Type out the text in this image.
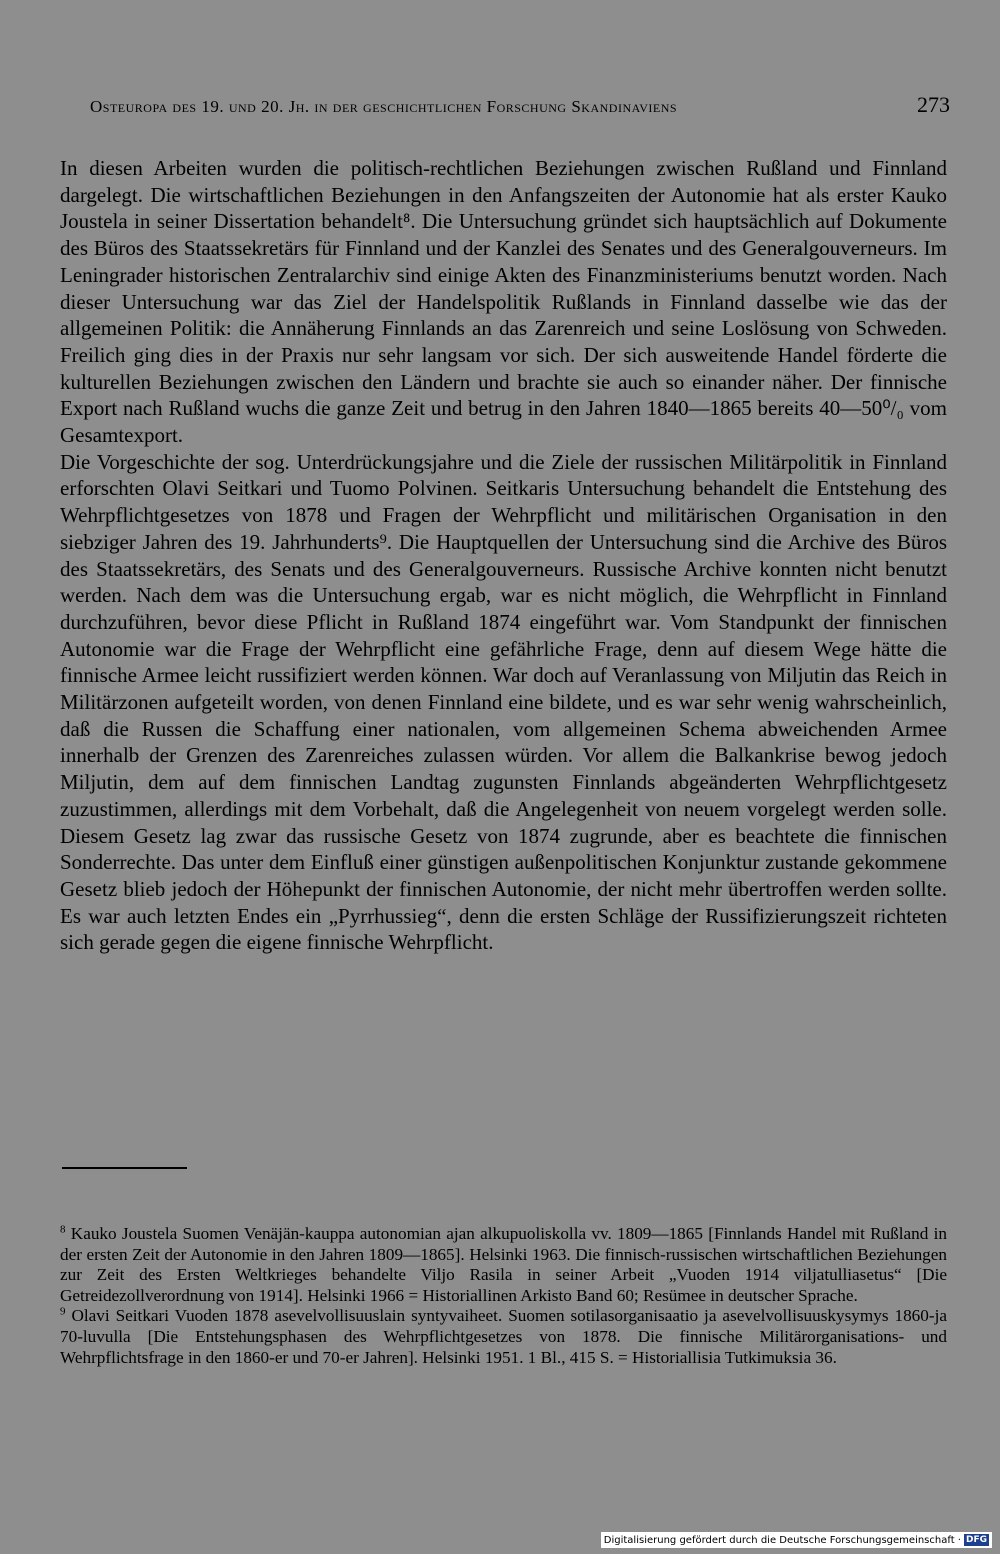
Osteuropa des 19. und 20. Jh. in der geschichtlichen Forschung Skandinaviens	273

In diesen Arbeiten wurden die politisch-rechtlichen Beziehungen zwischen Rußland und Finnland dargelegt. Die wirtschaftlichen Beziehungen in den Anfangszeiten der Autonomie hat als erster Kauko Joustela in seiner Dissertation behandelt⁸. Die Untersuchung gründet sich hauptsächlich auf Dokumente des Büros des Staatssekretärs für Finnland und der Kanzlei des Senates und des Generalgouverneurs. Im Leningrader historischen Zentralarchiv sind einige Akten des Finanzministeriums benutzt worden. Nach dieser Untersuchung war das Ziel der Handelspolitik Rußlands in Finnland dasselbe wie das der allgemeinen Politik: die Annäherung Finnlands an das Zarenreich und seine Loslösung von Schweden. Freilich ging dies in der Praxis nur sehr langsam vor sich. Der sich ausweitende Handel förderte die kulturellen Beziehungen zwischen den Ländern und brachte sie auch so einander näher. Der finnische Export nach Rußland wuchs die ganze Zeit und betrug in den Jahren 1840—1865 bereits 40—50⁰/₀ vom Gesamtexport.

Die Vorgeschichte der sog. Unterdrückungsjahre und die Ziele der russischen Militärpolitik in Finnland erforschten Olavi Seitkari und Tuomo Polvinen. Seitkaris Untersuchung behandelt die Entstehung des Wehrpflichtgesetzes von 1878 und Fragen der Wehrpflicht und militärischen Organisation in den siebziger Jahren des 19. Jahrhunderts⁹. Die Hauptquellen der Untersuchung sind die Archive des Büros des Staatssekretärs, des Senats und des Generalgouverneurs. Russische Archive konnten nicht benutzt werden. Nach dem was die Untersuchung ergab, war es nicht möglich, die Wehrpflicht in Finnland durchzuführen, bevor diese Pflicht in Rußland 1874 eingeführt war. Vom Standpunkt der finnischen Autonomie war die Frage der Wehrpflicht eine gefährliche Frage, denn auf diesem Wege hätte die finnische Armee leicht russifiziert werden können. War doch auf Veranlassung von Miljutin das Reich in Militärzonen aufgeteilt worden, von denen Finnland eine bildete, und es war sehr wenig wahrscheinlich, daß die Russen die Schaffung einer nationalen, vom allgemeinen Schema abweichenden Armee innerhalb der Grenzen des Zarenreiches zulassen würden. Vor allem die Balkankrise bewog jedoch Miljutin, dem auf dem finnischen Landtag zugunsten Finnlands abgeänderten Wehrpflichtgesetz zuzustimmen, allerdings mit dem Vorbehalt, daß die Angelegenheit von neuem vorgelegt werden solle. Diesem Gesetz lag zwar das russische Gesetz von 1874 zugrunde, aber es beachtete die finnischen Sonderrechte. Das unter dem Einfluß einer günstigen außenpolitischen Konjunktur zustande gekommene Gesetz blieb jedoch der Höhepunkt der finnischen Autonomie, der nicht mehr übertroffen werden sollte. Es war auch letzten Endes ein „Pyrrhussieg“, denn die ersten Schläge der Russifizierungszeit richteten sich gerade gegen die eigene finnische Wehrpflicht.

$^8$ Kauko Joustela Suomen Venäjän-kauppa autonomian ajan alkupuoliskolla vv. 1809—1865 [Finnlands Handel mit Rußland in der ersten Zeit der Autonomie in den Jahren 1809—1865]. Helsinki 1963. Die finnisch-russischen wirtschaftlichen Beziehungen zur Zeit des Ersten Weltkrieges behandelte Viljo Rasila in seiner Arbeit „Vuoden 1914 viljatulliasetus“ [Die Getreidezollverordnung von 1914]. Helsinki 1966 = Historiallinen Arkisto Band 60; Resümee in deutscher Sprache.

$^9$ Olavi Seitkari Vuoden 1878 asevelvollisuuslain syntyvaiheet. Suomen sotilasorganisaatio ja asevelvollisuuskysymys 1860-ja 70-luvulla [Die Entstehungsphasen des Wehrpflichtgesetzes von 1878. Die finnische Militärorganisations- und Wehrpflichtsfrage in den 1860-er und 70-er Jahren]. Helsinki 1951. 1 Bl., 415 S. = Historiallisia Tutkimuksia 36.

Digitalisierung gefördert durch die Deutsche Forschungsgemeinschaft · DFG
